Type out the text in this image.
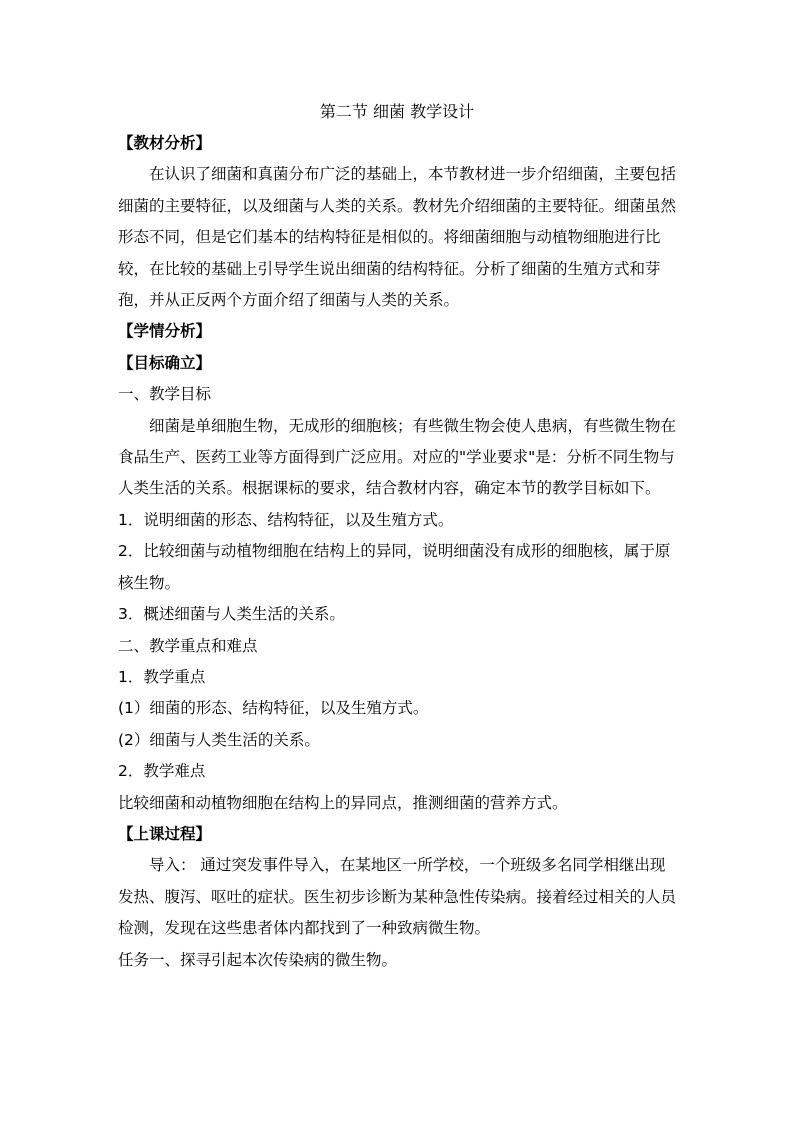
第二节 细菌 教学设计

【教材分析】

在认识了细菌和真菌分布广泛的基础上，本节教材进一步介绍细菌，主要包括细菌的主要特征，以及细菌与人类的关系。教材先介绍细菌的主要特征。细菌虽然形态不同，但是它们基本的结构特征是相似的。将细菌细胞与动植物细胞进行比较，在比较的基础上引导学生说出细菌的结构特征。分析了细菌的生殖方式和芽孢，并从正反两个方面介绍了细菌与人类的关系。

【学情分析】

【目标确立】

一、教学目标

细菌是单细胞生物，无成形的细胞核；有些微生物会使人患病，有些微生物在食品生产、医药工业等方面得到广泛应用。对应的"学业要求"是：分析不同生物与人类生活的关系。根据课标的要求，结合教材内容，确定本节的教学目标如下。

1．说明细菌的形态、结构特征，以及生殖方式。

2．比较细菌与动植物细胞在结构上的异同，说明细菌没有成形的细胞核，属于原核生物。

3．概述细菌与人类生活的关系。

二、教学重点和难点

1．教学重点

(1）细菌的形态、结构特征，以及生殖方式。

(2）细菌与人类生活的关系。

2．教学难点

比较细菌和动植物细胞在结构上的异同点，推测细菌的营养方式。

【上课过程】

导入： 通过突发事件导入，在某地区一所学校，一个班级多名同学相继出现发热、腹泻、呕吐的症状。医生初步诊断为某种急性传染病。接着经过相关的人员检测，发现在这些患者体内都找到了一种致病微生物。

任务一、探寻引起本次传染病的微生物。
